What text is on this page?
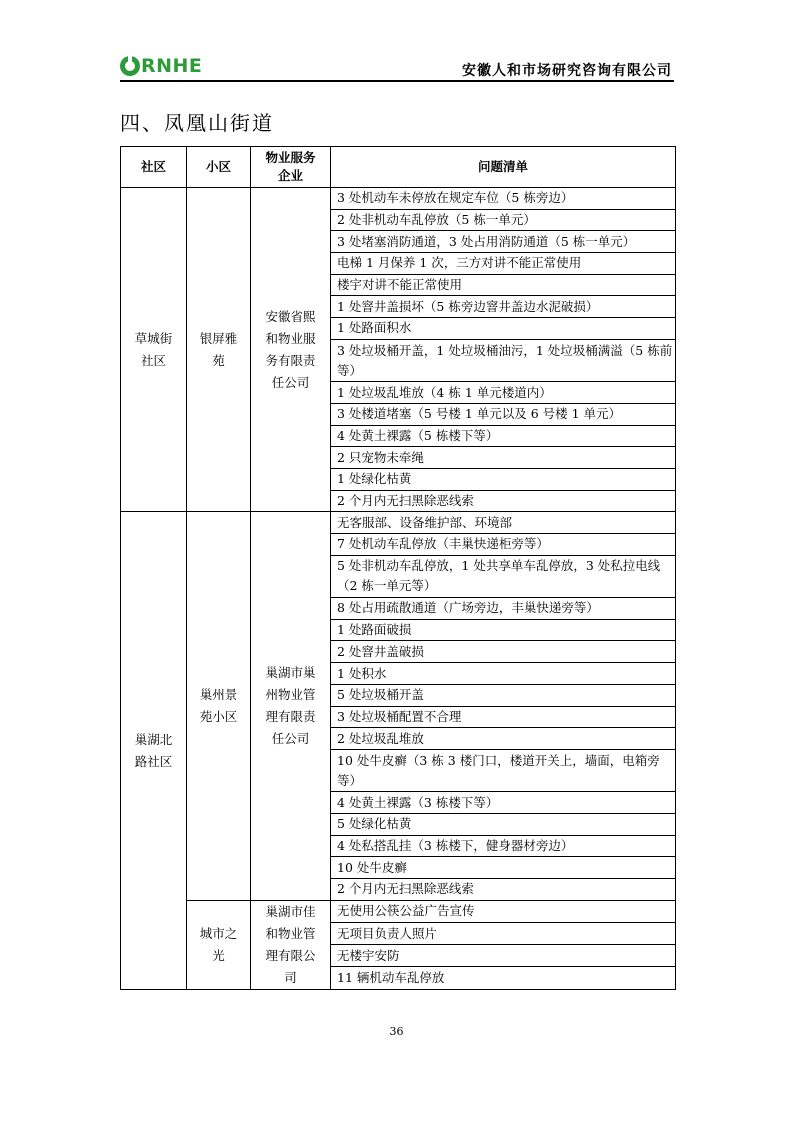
RNHE	安徽人和市场研究咨询有限公司
四、凤凰山街道
社区	小区	物业服务企业	问题清单

草城街社区	银屏雅苑	安徽省熙和物业服务有限责任公司	3 处机动车未停放在规定车位（5 栋旁边）
			2 处非机动车乱停放（5 栋一单元）
			3 处堵塞消防通道，3 处占用消防通道（5 栋一单元）
			电梯 1 月保养 1 次，三方对讲不能正常使用
			楼宇对讲不能正常使用
			1 处窨井盖损坏（5 栋旁边窨井盖边水泥破损）
			1 处路面积水
			3 处垃圾桶开盖，1 处垃圾桶油污，1 处垃圾桶满溢（5 栋前等）
			1 处垃圾乱堆放（4 栋 1 单元楼道内）
			3 处楼道堵塞（5 号楼 1 单元以及 6 号楼 1 单元）
			4 处黄土裸露（5 栋楼下等）
			2 只宠物未牵绳
			1 处绿化枯黄
			2 个月内无扫黑除恶线索

巢湖北路社区	巢州景苑小区	巢湖市巢州物业管理有限责任公司	无客服部、设备维护部、环境部
			7 处机动车乱停放（丰巢快递柜旁等）
			5 处非机动车乱停放，1 处共享单车乱停放，3 处私拉电线（2 栋一单元等）
			8 处占用疏散通道（广场旁边，丰巢快递旁等）
			1 处路面破损
			2 处窨井盖破损
			1 处积水
			5 处垃圾桶开盖
			3 处垃圾桶配置不合理
			2 处垃圾乱堆放
			10 处牛皮癣（3 栋 3 楼门口，楼道开关上，墙面，电箱旁等）
			4 处黄土裸露（3 栋楼下等）
			5 处绿化枯黄
			4 处私搭乱挂（3 栋楼下，健身器材旁边）
			10 处牛皮癣
			2 个月内无扫黑除恶线索

	城市之光	巢湖市佳和物业管理有限公司	无使用公筷公益广告宣传
			无项目负责人照片
			无楼宇安防
			11 辆机动车乱停放
36
